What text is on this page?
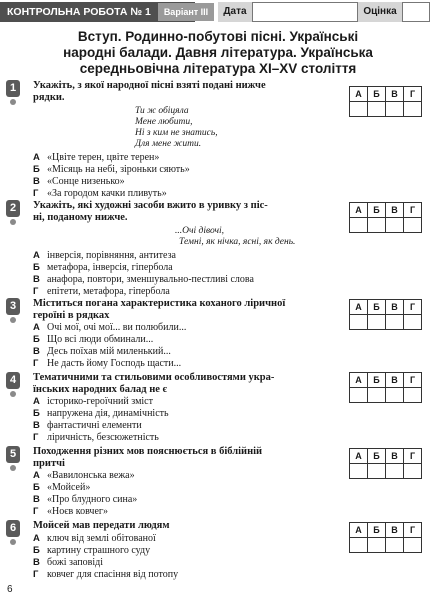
КОНТРОЛЬНА РОБОТА № 1	Варіант ІІІ	Дата	Оцінка
Вступ. Родинно-побутові пісні. Українські
народні балади. Давня література. Українська
середньовічна література XI–XV століття
1	Укажіть, з якої народної пісні взяті подані нижче
рядки.
Ти ж обіцяла
Мене любити,
Ні з ким не знатись,
Для мене жити.
А «Цвіте терен, цвіте терен»
Б «Місяць на небі, зіроньки сяють»
В «Сонце низенько»
Г «За городом качки пливуть»
А	Б	В	Г

2	Укажіть, які художні засоби вжито в уривку з піс-
ні, поданому нижче.
...Очі дівочі,
Темні, як нічка, ясні, як день.
А інверсія, порівняння, антитеза
Б метафора, інверсія, гіпербола
В анафора, повтори, зменшувально-пестливі слова
Г епітети, метафора, гіпербола
А	Б	В	Г

3	Міститься погана характеристика коханого ліричної
героїні в рядках
А Очі мої, очі мої... ви полюбили...
Б Що всі люди обминали...
В Десь поїхав мій миленький...
Г Не дасть йому Господь щасти...
А	Б	В	Г

4	Тематичними та стильовими особливостями укра-
їнських народних балад не є
А історико-героїчний зміст
Б напружена дія, динамічність
В фантастичні елементи
Г ліричність, безсюжетність
А	Б	В	Г

5	Походження різних мов пояснюється в біблійній
притчі
А «Вавилонська вежа»
Б «Мойсей»
В «Про блудного сина»
Г «Ноєв ковчег»
А	Б	В	Г

6	Мойсей мав передати людям
А ключ від землі обітованої
Б картину страшного суду
В божі заповіді
Г ковчег для спасіння від потопу
А	Б	В	Г

6
